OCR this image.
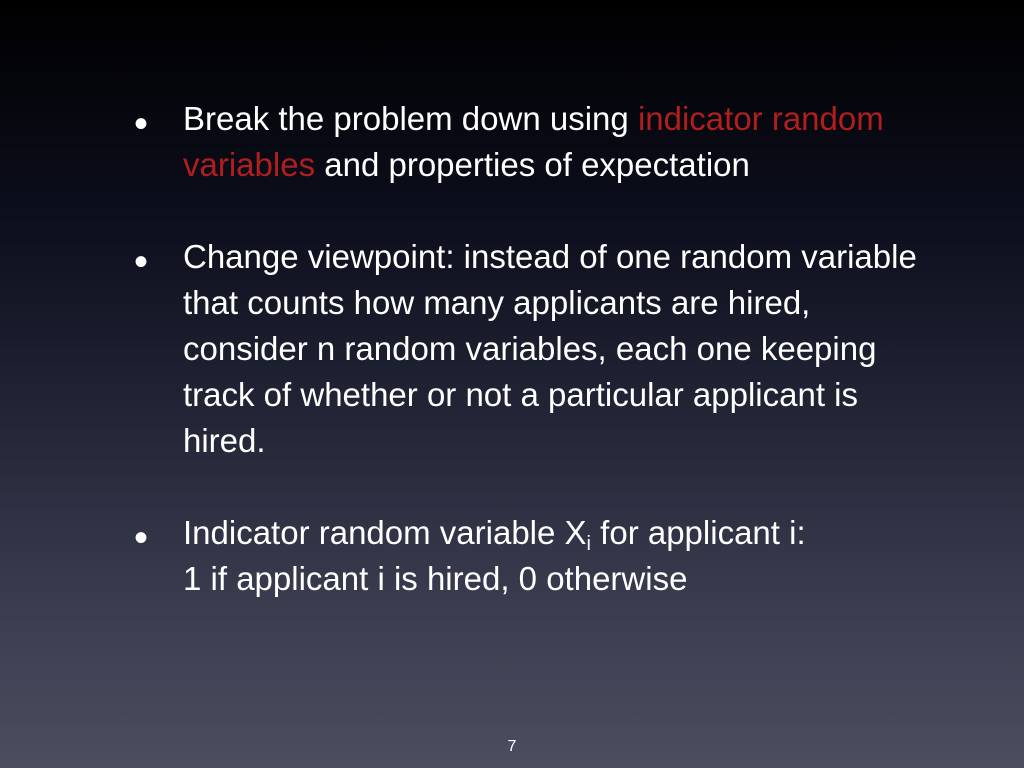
• Break the problem down using indicator random variables and properties of expectation
• Change viewpoint: instead of one random variable that counts how many applicants are hired, consider n random variables, each one keeping track of whether or not a particular applicant is hired.
• Indicator random variable $X_i$ for applicant i:
1 if applicant i is hired, 0 otherwise
7
